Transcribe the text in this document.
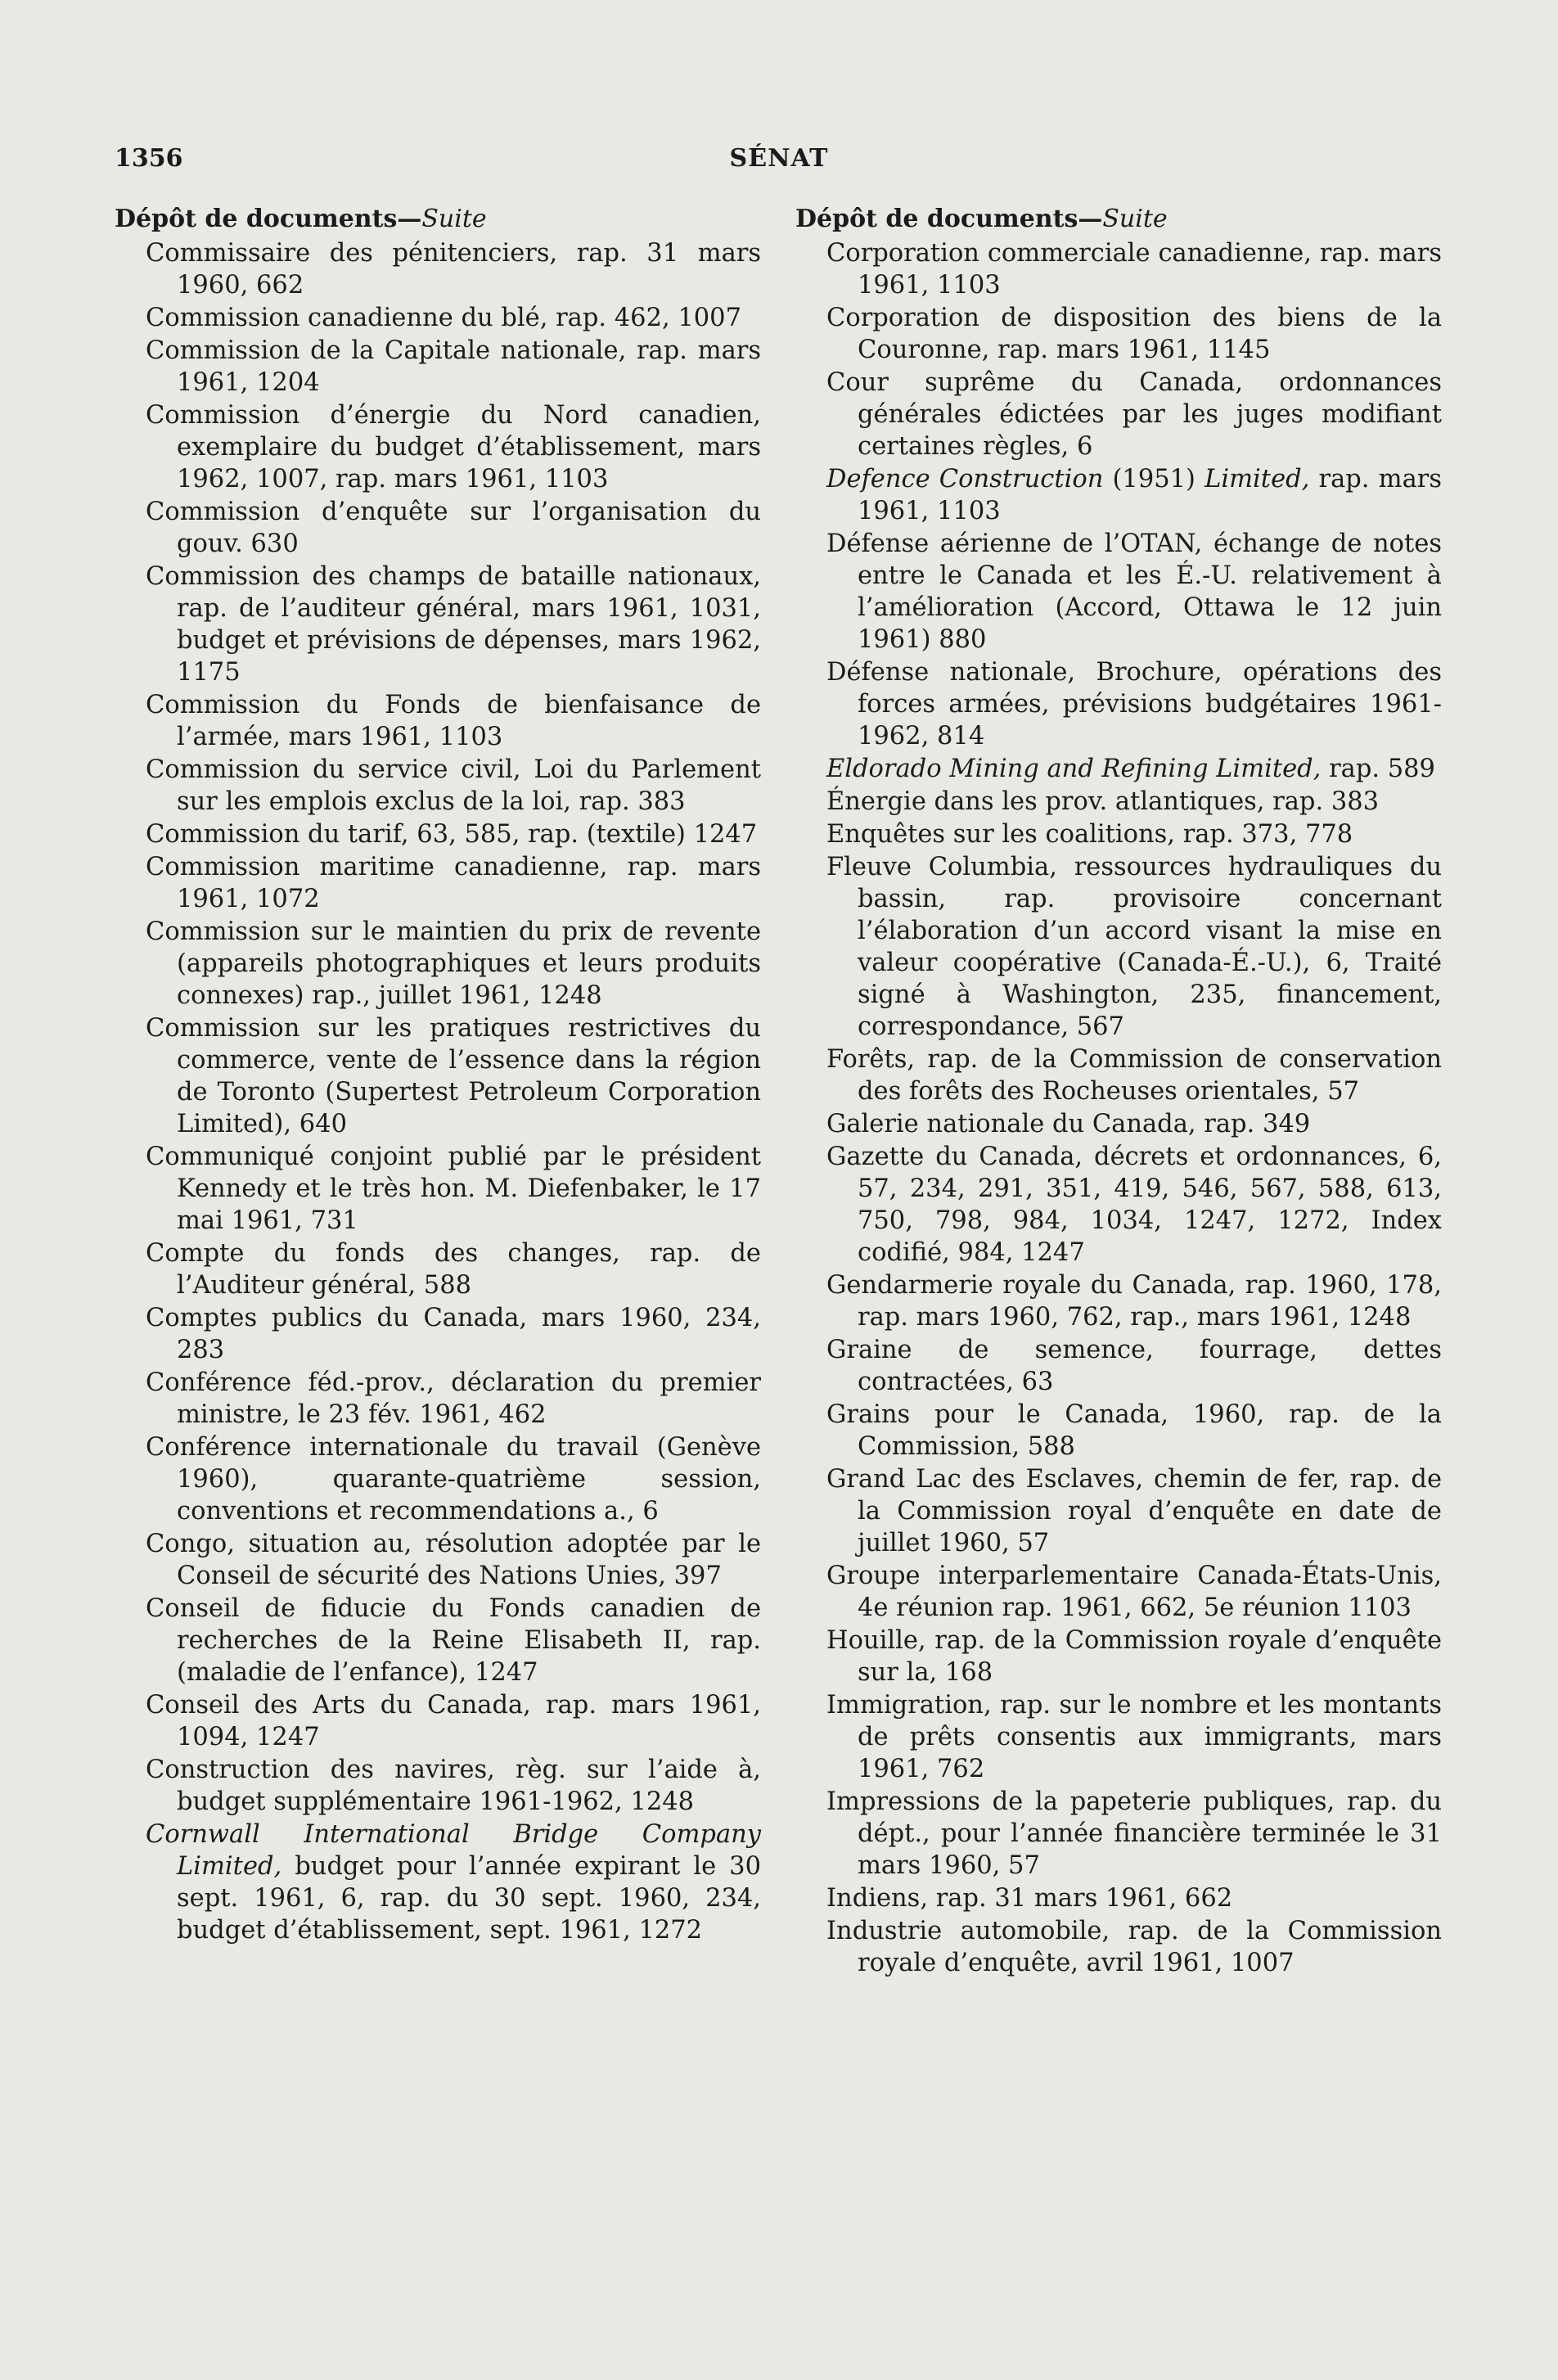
1356	SÉNAT
Dépôt de documents—Suite
Commissaire des pénitenciers, rap. 31 mars 1960, 662
Commission canadienne du blé, rap. 462, 1007
Commission de la Capitale nationale, rap. mars 1961, 1204
Commission d’énergie du Nord canadien, exemplaire du budget d’établissement, mars 1962, 1007, rap. mars 1961, 1103
Commission d’enquête sur l’organisation du gouv. 630
Commission des champs de bataille nationaux, rap. de l’auditeur général, mars 1961, 1031, budget et prévisions de dépenses, mars 1962, 1175
Commission du Fonds de bienfaisance de l’armée, mars 1961, 1103
Commission du service civil, Loi du Parlement sur les emplois exclus de la loi, rap. 383
Commission du tarif, 63, 585, rap. (textile) 1247
Commission maritime canadienne, rap. mars 1961, 1072
Commission sur le maintien du prix de revente (appareils photographiques et leurs produits connexes) rap., juillet 1961, 1248
Commission sur les pratiques restrictives du commerce, vente de l’essence dans la région de Toronto (Supertest Petroleum Corporation Limited), 640
Communiqué conjoint publié par le président Kennedy et le très hon. M. Diefenbaker, le 17 mai 1961, 731
Compte du fonds des changes, rap. de l’Auditeur général, 588
Comptes publics du Canada, mars 1960, 234, 283
Conférence féd.-prov., déclaration du premier ministre, le 23 fév. 1961, 462
Conférence internationale du travail (Genève 1960), quarante-quatrième session, conventions et recommendations a., 6
Congo, situation au, résolution adoptée par le Conseil de sécurité des Nations Unies, 397
Conseil de fiducie du Fonds canadien de recherches de la Reine Elisabeth II, rap. (maladie de l’enfance), 1247
Conseil des Arts du Canada, rap. mars 1961, 1094, 1247
Construction des navires, règ. sur l’aide à, budget supplémentaire 1961-1962, 1248
Cornwall International Bridge Company Limited, budget pour l’année expirant le 30 sept. 1961, 6, rap. du 30 sept. 1960, 234, budget d’établissement, sept. 1961, 1272
Dépôt de documents—Suite
Corporation commerciale canadienne, rap. mars 1961, 1103
Corporation de disposition des biens de la Couronne, rap. mars 1961, 1145
Cour suprême du Canada, ordonnances générales édictées par les juges modifiant certaines règles, 6
Defence Construction (1951) Limited, rap. mars 1961, 1103
Défense aérienne de l’OTAN, échange de notes entre le Canada et les É.-U. relativement à l’amélioration (Accord, Ottawa le 12 juin 1961) 880
Défense nationale, Brochure, opérations des forces armées, prévisions budgétaires 1961-1962, 814
Eldorado Mining and Refining Limited, rap. 589
Énergie dans les prov. atlantiques, rap. 383
Enquêtes sur les coalitions, rap. 373, 778
Fleuve Columbia, ressources hydrauliques du bassin, rap. provisoire concernant l’élaboration d’un accord visant la mise en valeur coopérative (Canada-É.-U.), 6, Traité signé à Washington, 235, financement, correspondance, 567
Forêts, rap. de la Commission de conservation des forêts des Rocheuses orientales, 57
Galerie nationale du Canada, rap. 349
Gazette du Canada, décrets et ordonnances, 6, 57, 234, 291, 351, 419, 546, 567, 588, 613, 750, 798, 984, 1034, 1247, 1272, Index codifié, 984, 1247
Gendarmerie royale du Canada, rap. 1960, 178, rap. mars 1960, 762, rap., mars 1961, 1248
Graine de semence, fourrage, dettes contractées, 63
Grains pour le Canada, 1960, rap. de la Commission, 588
Grand Lac des Esclaves, chemin de fer, rap. de la Commission royal d’enquête en date de juillet 1960, 57
Groupe interparlementaire Canada-États-Unis, 4e réunion rap. 1961, 662, 5e réunion 1103
Houille, rap. de la Commission royale d’enquête sur la, 168
Immigration, rap. sur le nombre et les montants de prêts consentis aux immigrants, mars 1961, 762
Impressions de la papeterie publiques, rap. du dépt., pour l’année financière terminée le 31 mars 1960, 57
Indiens, rap. 31 mars 1961, 662
Industrie automobile, rap. de la Commission royale d’enquête, avril 1961, 1007
